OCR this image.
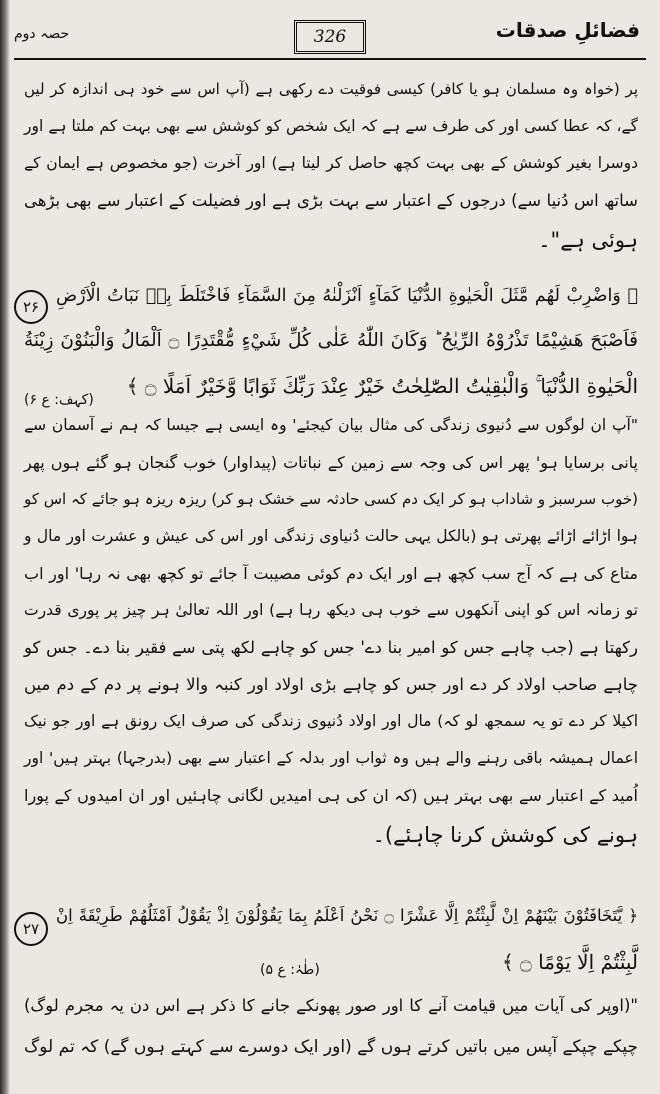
فضائلِ صدقات
326
حصہ دوم
پر (خواہ وہ مسلمان ہو یا کافر) کیسی فوقیت دے رکھی ہے (آپ اس سے خود ہی اندازہ کر لیں
گے، کہ عطا کسی اور کی طرف سے ہے کہ ایک شخص کو کوشش سے بھی بہت کم ملتا ہے اور
دوسرا بغیر کوشش کے بھی بہت کچھ حاصل کر لیتا ہے) اور آخرت (جو مخصوص ہے ایمان کے
ساتھ اس دُنیا سے) درجوں کے اعتبار سے بہت بڑی ہے اور فضیلت کے اعتبار سے بھی بڑھی
ہوئی ہے"۔
۲۶
﴿ وَاضْرِبْ لَهُم مَّثَلَ الْحَيٰوةِ الدُّنْيَا كَمَآءٍ اَنْزَلْنٰهُ مِنَ السَّمَآءِ فَاخْتَلَطَ بِهٖ نَبَاتُ الْاَرْضِ
فَاَصْبَحَ هَشِيْمًا تَذْرُوْهُ الرِّيٰحُ ؕ وَكَانَ اللّٰهُ عَلٰى كُلِّ شَيْءٍ مُّقْتَدِرًا ۝ اَلْمَالُ وَالْبَنُوْنَ زِيْنَةُ
الْحَيٰوةِ الدُّنْيَا ۚ وَالْبٰقِيٰتُ الصّٰلِحٰتُ خَيْرٌ عِنْدَ رَبِّكَ ثَوَابًا وَّخَيْرٌ اَمَلًا ۝ ﴾
(کہف: ع ۶)
"آپ ان لوگوں سے دُنیوی زندگی کی مثال بیان کیجئے' وہ ایسی ہے جیسا کہ ہم نے آسمان سے
پانی برسایا ہو' پھر اس کی وجہ سے زمین کے نباتات (پیداوار) خوب گنجان ہو گئے ہوں پھر
(خوب سرسبز و شاداب ہو کر ایک دم کسی حادثہ سے خشک ہو کر) ریزہ ریزہ ہو جائے کہ اس کو
ہوا اڑائے اڑائے پھرتی ہو (بالکل یہی حالت دُنیاوی زندگی اور اس کی عیش و عشرت اور مال و
متاع کی ہے کہ آج سب کچھ ہے اور ایک دم کوئی مصیبت آ جائے تو کچھ بھی نہ رہا' اور اب
تو زمانہ اس کو اپنی آنکھوں سے خوب ہی دیکھ رہا ہے) اور اللہ تعالیٰ ہر چیز پر پوری قدرت
رکھتا ہے (جب چاہے جس کو امیر بنا دے' جس کو چاہے لکھ پتی سے فقیر بنا دے۔ جس کو
چاہے صاحب اولاد کر دے اور جس کو چاہے بڑی اولاد اور کنبہ والا ہونے پر دم کے دم میں
اکیلا کر دے تو یہ سمجھ لو کہ) مال اور اولاد دُنیوی زندگی کی صرف ایک رونق ہے اور جو نیک
اعمال ہمیشہ باقی رہنے والے ہیں وہ ثواب اور بدلہ کے اعتبار سے بھی (بدرجہا) بہتر ہیں' اور
اُمید کے اعتبار سے بھی بہتر ہیں (کہ ان کی ہی امیدیں لگانی چاہئیں اور ان امیدوں کے پورا
ہونے کی کوشش کرنا چاہئے)۔
۲۷
﴿ يَّتَخَافَتُوْنَ بَيْنَهُمْ اِنْ لَّبِثْتُمْ اِلَّا عَشْرًا ۝ نَحْنُ اَعْلَمُ بِمَا يَقُوْلُوْنَ اِذْ يَقُوْلُ اَمْثَلُهُمْ طَرِيْقَةً اِنْ
لَّبِثْتُمْ اِلَّا يَوْمًا ۝ ﴾
(طٰہٰ: ع ۵)
"(اوپر کی آیات میں قیامت آنے کا اور صور پھونکے جانے کا ذکر ہے اس دن یہ مجرم لوگ)
چپکے چپکے آپس میں باتیں کرتے ہوں گے (اور ایک دوسرے سے کہتے ہوں گے) کہ تم لوگ
